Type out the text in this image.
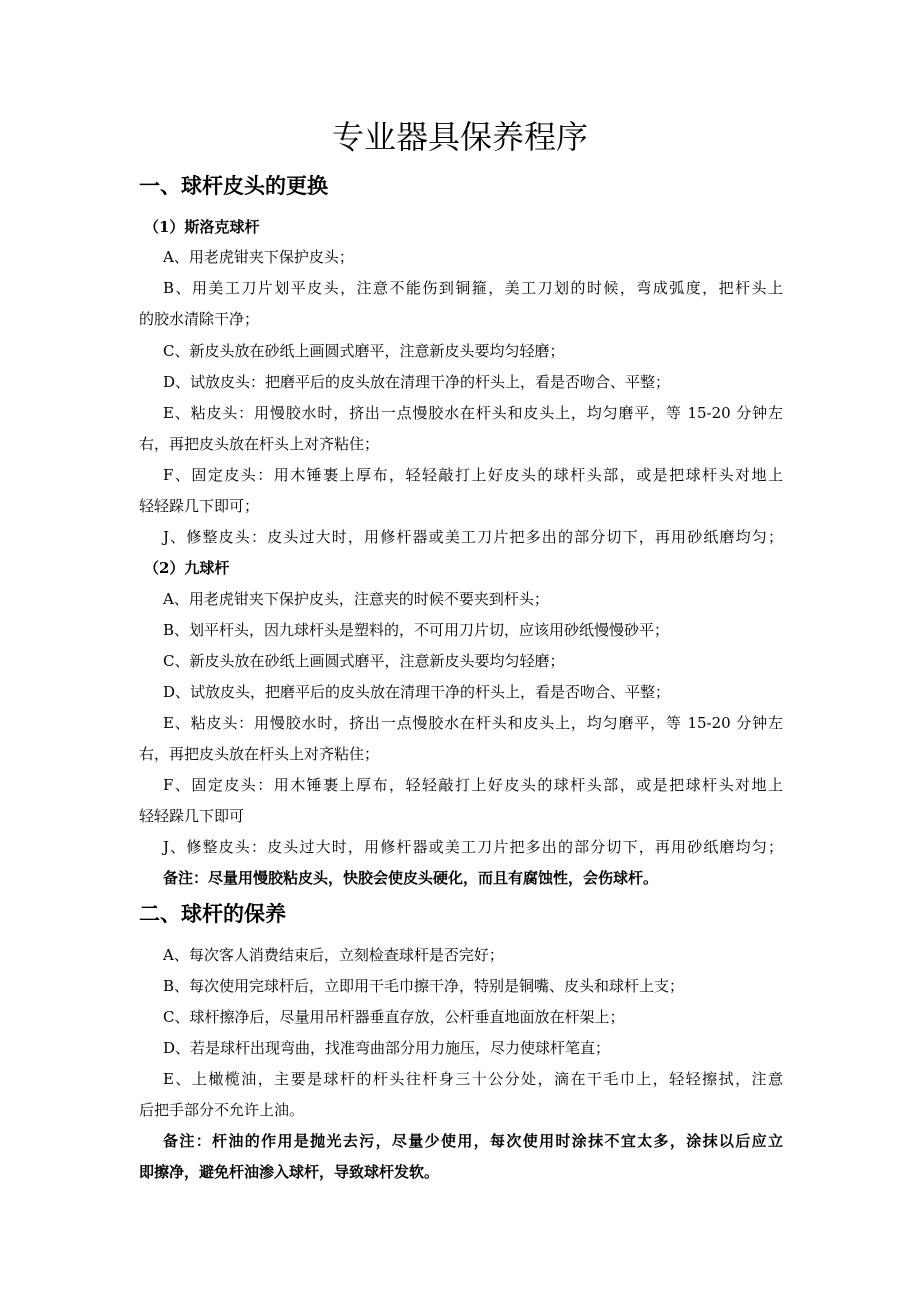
专业器具保养程序
一、球杆皮头的更换
（1）斯洛克球杆
A、用老虎钳夹下保护皮头；
B、用美工刀片划平皮头，注意不能伤到铜箍，美工刀划的时候，弯成弧度，把杆头上
的胶水清除干净；
C、新皮头放在砂纸上画圆式磨平，注意新皮头要均匀轻磨；
D、试放皮头：把磨平后的皮头放在清理干净的杆头上，看是否吻合、平整；
E、粘皮头：用慢胶水时，挤出一点慢胶水在杆头和皮头上，均匀磨平，等 15-20 分钟左
右，再把皮头放在杆头上对齐粘住；
F、固定皮头：用木锤裹上厚布，轻轻敲打上好皮头的球杆头部，或是把球杆头对地上
轻轻跺几下即可；
J、修整皮头：皮头过大时，用修杆器或美工刀片把多出的部分切下，再用砂纸磨均匀；
（2）九球杆
A、用老虎钳夹下保护皮头，注意夹的时候不要夹到杆头；
B、划平杆头，因九球杆头是塑料的，不可用刀片切，应该用砂纸慢慢砂平；
C、新皮头放在砂纸上画圆式磨平，注意新皮头要均匀轻磨；
D、试放皮头，把磨平后的皮头放在清理干净的杆头上，看是否吻合、平整；
E、粘皮头：用慢胶水时，挤出一点慢胶水在杆头和皮头上，均匀磨平，等 15-20 分钟左
右，再把皮头放在杆头上对齐粘住；
F、固定皮头：用木锤裹上厚布，轻轻敲打上好皮头的球杆头部，或是把球杆头对地上
轻轻跺几下即可
J、修整皮头：皮头过大时，用修杆器或美工刀片把多出的部分切下，再用砂纸磨均匀；
备注：尽量用慢胶粘皮头，快胶会使皮头硬化，而且有腐蚀性，会伤球杆。
二、球杆的保养
A、每次客人消费结束后，立刻检查球杆是否完好；
B、每次使用完球杆后，立即用干毛巾擦干净，特别是铜嘴、皮头和球杆上支；
C、球杆擦净后，尽量用吊杆器垂直存放，公杆垂直地面放在杆架上；
D、若是球杆出现弯曲，找准弯曲部分用力施压，尽力使球杆笔直；
E、上橄榄油，主要是球杆的杆头往杆身三十公分处，滴在干毛巾上，轻轻擦拭，注意
后把手部分不允许上油。
备注：杆油的作用是抛光去污，尽量少使用，每次使用时涂抹不宜太多，涂抹以后应立
即擦净，避免杆油渗入球杆，导致球杆发软。
